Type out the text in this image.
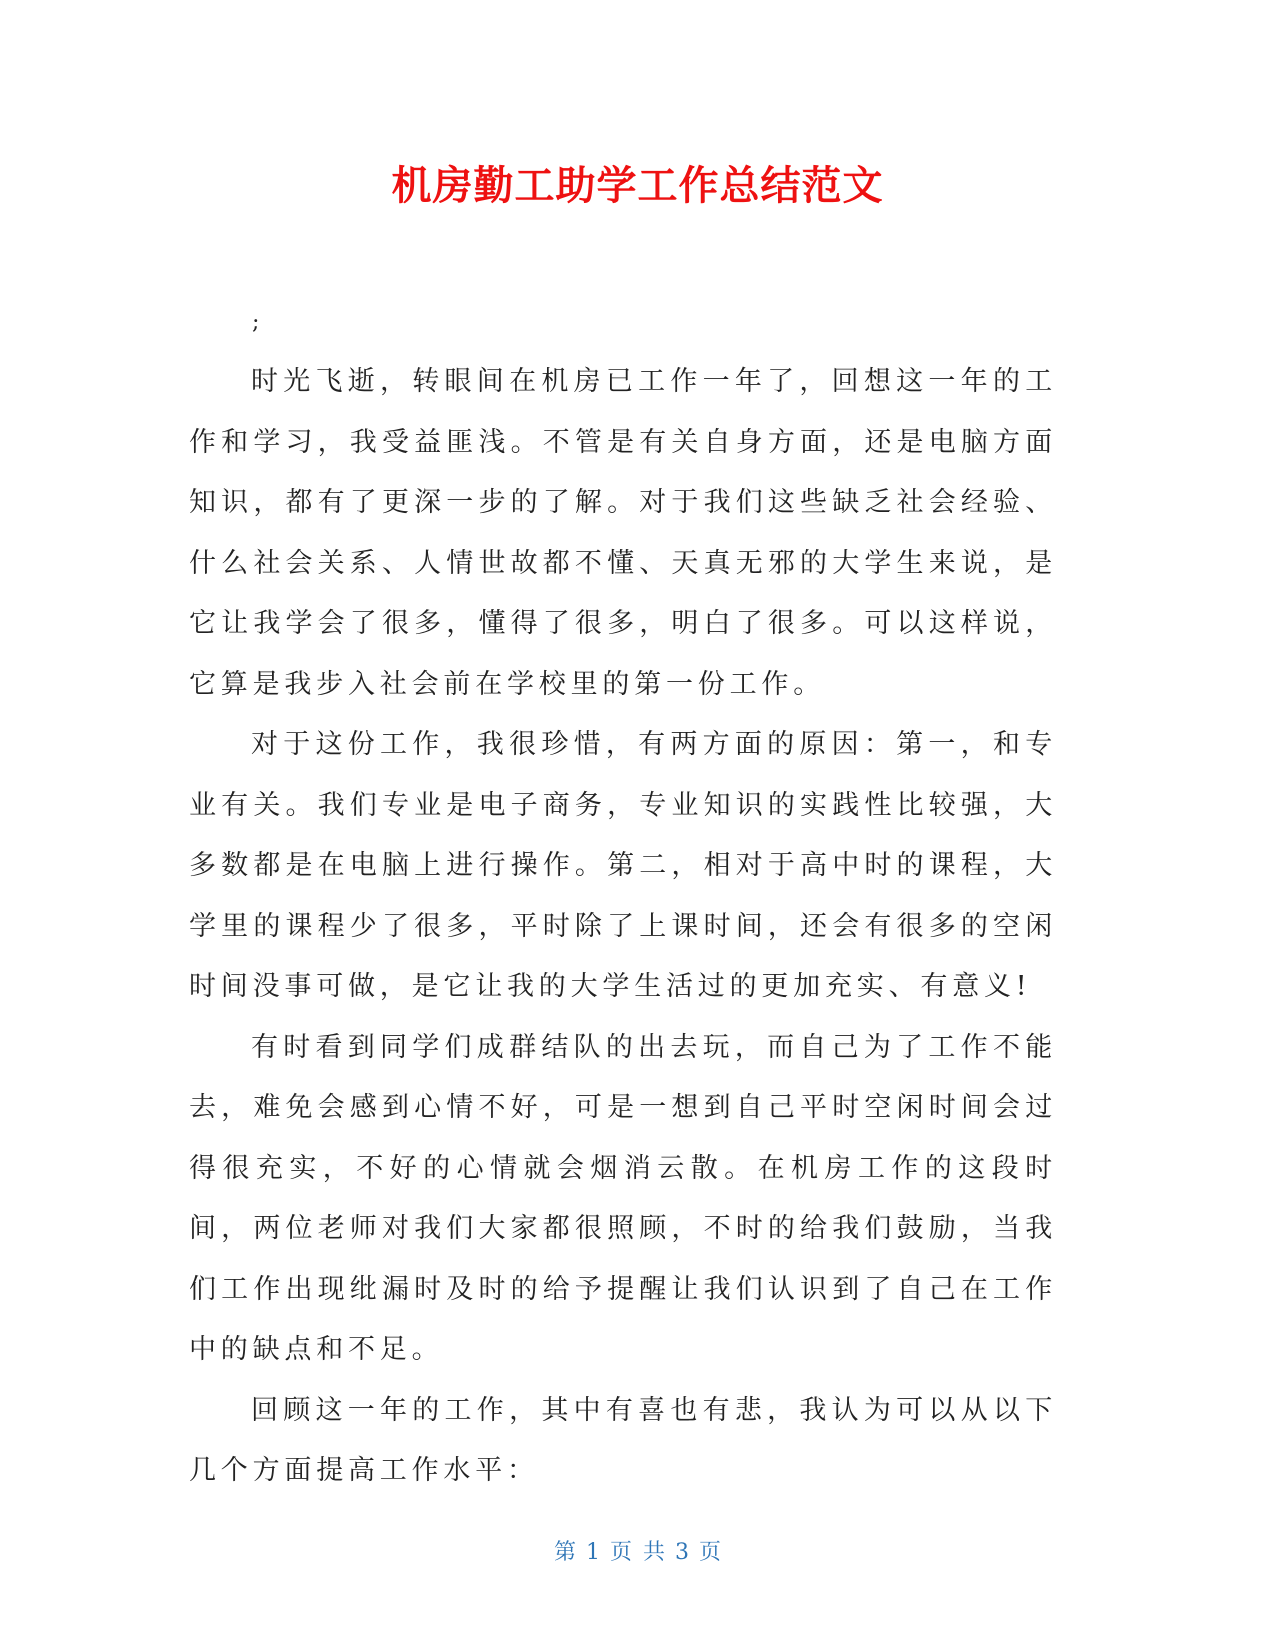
机房勤工助学工作总结范文
;

时光飞逝，转眼间在机房已工作一年了，回想这一年的工作和学习，我受益匪浅。不管是有关自身方面，还是电脑方面知识，都有了更深一步的了解。对于我们这些缺乏社会经验、什么社会关系、人情世故都不懂、天真无邪的大学生来说，是它让我学会了很多，懂得了很多，明白了很多。可以这样说，它算是我步入社会前在学校里的第一份工作。

对于这份工作，我很珍惜，有两方面的原因：第一，和专业有关。我们专业是电子商务，专业知识的实践性比较强，大多数都是在电脑上进行操作。第二，相对于高中时的课程，大学里的课程少了很多，平时除了上课时间，还会有很多的空闲时间没事可做，是它让我的大学生活过的更加充实、有意义!

有时看到同学们成群结队的出去玩，而自己为了工作不能去，难免会感到心情不好，可是一想到自己平时空闲时间会过得很充实，不好的心情就会烟消云散。在机房工作的这段时间，两位老师对我们大家都很照顾，不时的给我们鼓励，当我们工作出现纰漏时及时的给予提醒让我们认识到了自己在工作中的缺点和不足。

回顾这一年的工作，其中有喜也有悲，我认为可以从以下几个方面提高工作水平：

第 1 页 共 3 页
